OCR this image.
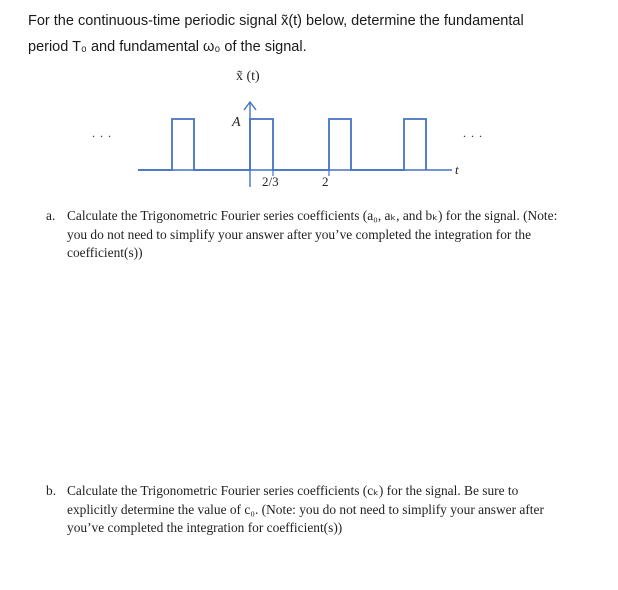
For the continuous-time periodic signal x̃(t) below, determine the fundamental
period T₀ and fundamental ω₀ of the signal.
x̃ (t)
A
t
2/3	2
. . .	. . .
a. Calculate the Trigonometric Fourier series coefficients (a₀, aₖ, and bₖ) for the signal. (Note: you do not need to simplify your answer after you’ve completed the integration for the coefficient(s))
b. Calculate the Trigonometric Fourier series coefficients (cₖ) for the signal. Be sure to explicitly determine the value of c₀. (Note: you do not need to simplify your answer after you’ve completed the integration for coefficient(s))
